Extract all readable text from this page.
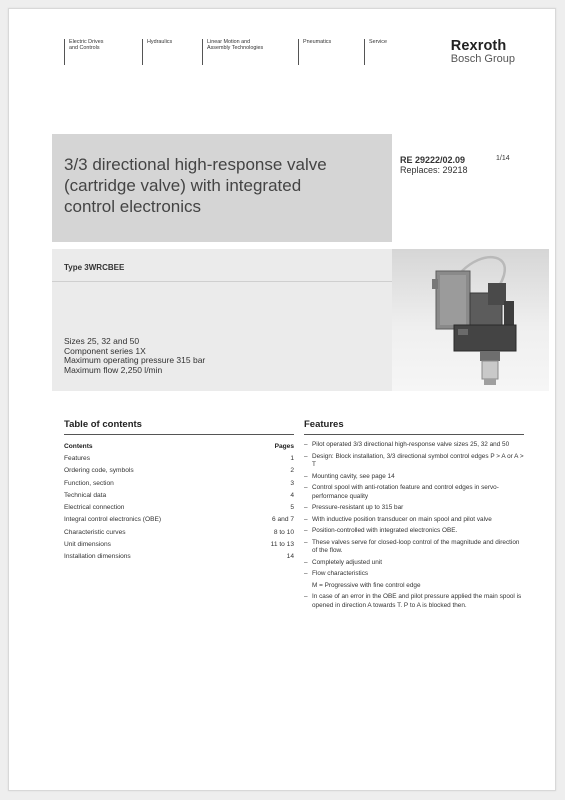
Electric Drives
and Controls
Hydraulics	Linear Motion and
Assembly Technologies
Pneumatics	Service	Rexroth
Bosch Group
3/3 directional high-response valve
(cartridge valve) with integrated
control electronics
RE 29222/02.09
Replaces: 29218
1/14
Type 3WRCBEE
Sizes 25, 32 and 50
Component series 1X
Maximum operating pressure 315 bar
Maximum flow 2,250 l/min
Table of contents
Contents	Pages
Features	1
Ordering code, symbols	2
Function, section	3
Technical data	4
Electrical connection	5
Integral control electronics (OBE)	6 and 7
Characteristic curves	8 to 10
Unit dimensions	11 to 13
Installation dimensions	14
Features
– Pilot operated 3/3 directional high-response valve sizes 25, 32 and 50
– Design: Block installation, 3/3 directional symbol control edges P > A or A > T
– Mounting cavity, see page 14
– Control spool with anti-rotation feature and control edges in servo-performance quality
– Pressure-resistant up to 315 bar
– With inductive position transducer on main spool and pilot valve
– Position-controlled with integrated electronics OBE.
– These valves serve for closed-loop control of the magnitude and direction of the flow.
– Completely adjusted unit
– Flow characteristics
M = Progressive with fine control edge
– In case of an error in the OBE and pilot pressure applied the main spool is opened in direction A towards T. P to A is blocked then.
